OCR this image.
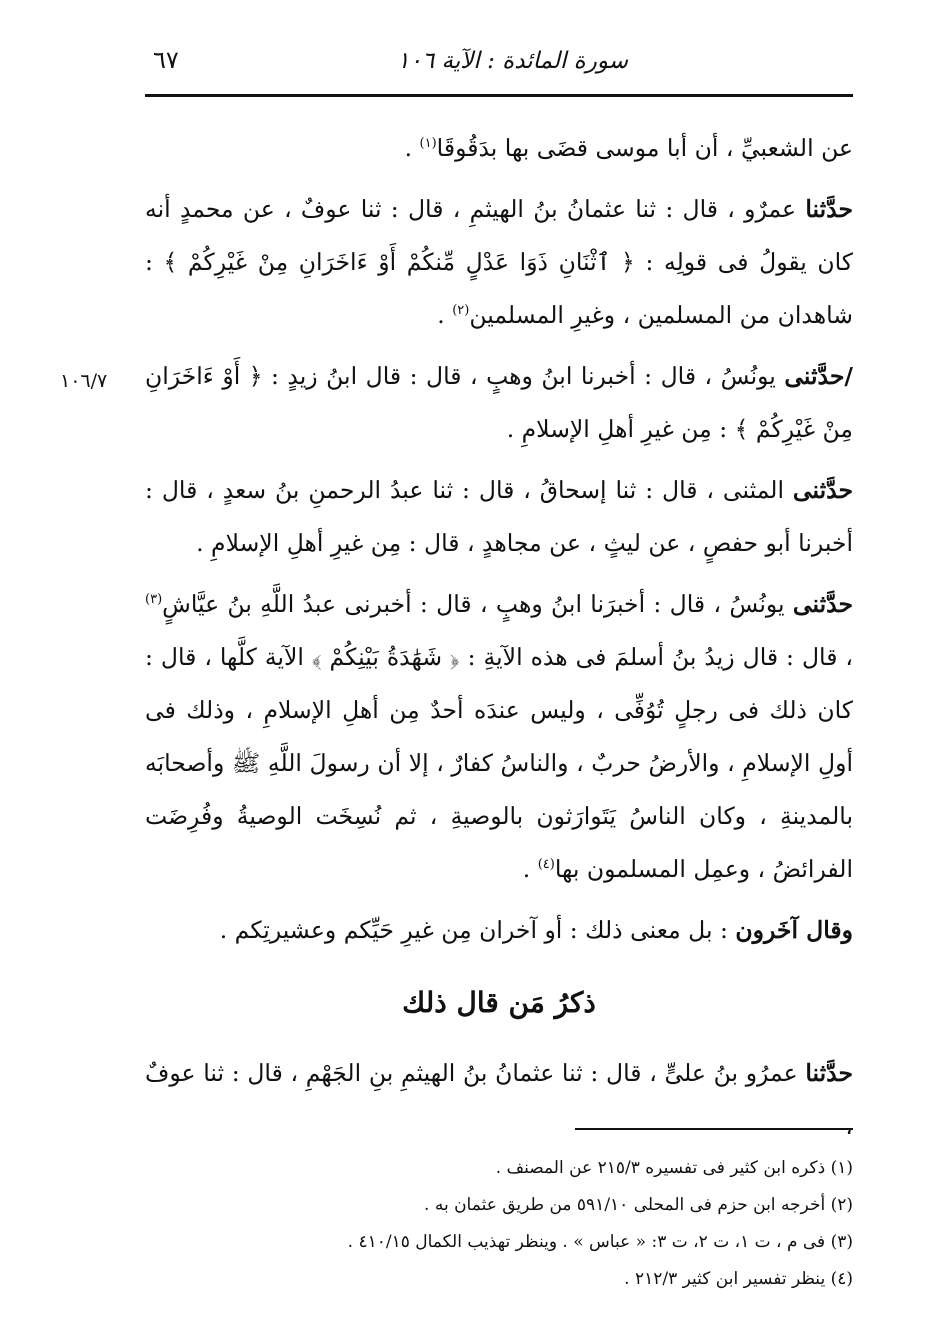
سورة المائدة : الآية ١٠٦
٦٧
١٠٦/٧

عن الشعبيِّ ، أن أبا موسى قضَى بها بدَقُوقَا$^{(١)}$ .

حدَّثنا عمرٌو ، قال : ثنا عثمانُ بنُ الهيثمِ ، قال : ثنا عوفٌ ، عن محمدٍ أنه كان يقولُ فى قولِه : ﴿ ٱثْنَانِ ذَوَا عَدْلٍ مِّنكُمْ أَوْ ءَاخَرَانِ مِنْ غَيْرِكُمْ ﴾ : شاهدان من المسلمين ، وغيرِ المسلمين$^{(٢)}$ .

/حدَّثنى يونُسُ ، قال : أخبرنا ابنُ وهبٍ ، قال : قال ابنُ زيدٍ : ﴿ أَوْ ءَاخَرَانِ مِنْ غَيْرِكُمْ ﴾ : مِن غيرِ أهلِ الإسلامِ .

حدَّثنى المثنى ، قال : ثنا إسحاقُ ، قال : ثنا عبدُ الرحمنِ بنُ سعدٍ ، قال : أخبرنا أبو حفصٍ ، عن ليثٍ ، عن مجاهدٍ ، قال : مِن غيرِ أهلِ الإسلامِ .

حدَّثنى يونُسُ ، قال : أخبرَنا ابنُ وهبٍ ، قال : أخبرنى عبدُ اللَّهِ بنُ عيَّاشٍ$^{(٣)}$ ، قال : قال زيدُ بنُ أسلمَ فى هذه الآيةِ : ﴿ شَهَٰدَةُ بَيْنِكُمْ ﴾ الآية كلَّها ، قال : كان ذلك فى رجلٍ تُوُفِّى ، وليس عندَه أحدٌ مِن أهلِ الإسلامِ ، وذلك فى أولِ الإسلامِ ، والأرضُ حربٌ ، والناسُ كفارٌ ، إلا أن رسولَ اللَّهِ ﷺ وأصحابَه بالمدينةِ ، وكان الناسُ يَتَوارَثون بالوصيةِ ، ثم نُسِخَت الوصيةُ وفُرِضَت الفرائضُ ، وعمِل المسلمون بها$^{(٤)}$ .

وقال آخَرون : بل معنى ذلك : أو آخران مِن غيرِ حَيِّكم وعشيرتِكم .

ذكرُ مَن قال ذلك

حدَّثنا عمرُو بنُ علىٍّ ، قال : ثنا عثمانُ بنُ الهيثمِ بنِ الجَهْمِ ، قال : ثنا عوفٌ ،

(١) ذكره ابن كثير فى تفسيره ٢١٥/٣ عن المصنف .
(٢) أخرجه ابن حزم فى المحلى ٥٩١/١٠ من طريق عثمان به .
(٣) فى م ، ت ١، ت ٢، ت ٣: « عباس » . وينظر تهذيب الكمال ٤١٠/١٥ .
(٤) ينظر تفسير ابن كثير ٢١٢/٣ .
